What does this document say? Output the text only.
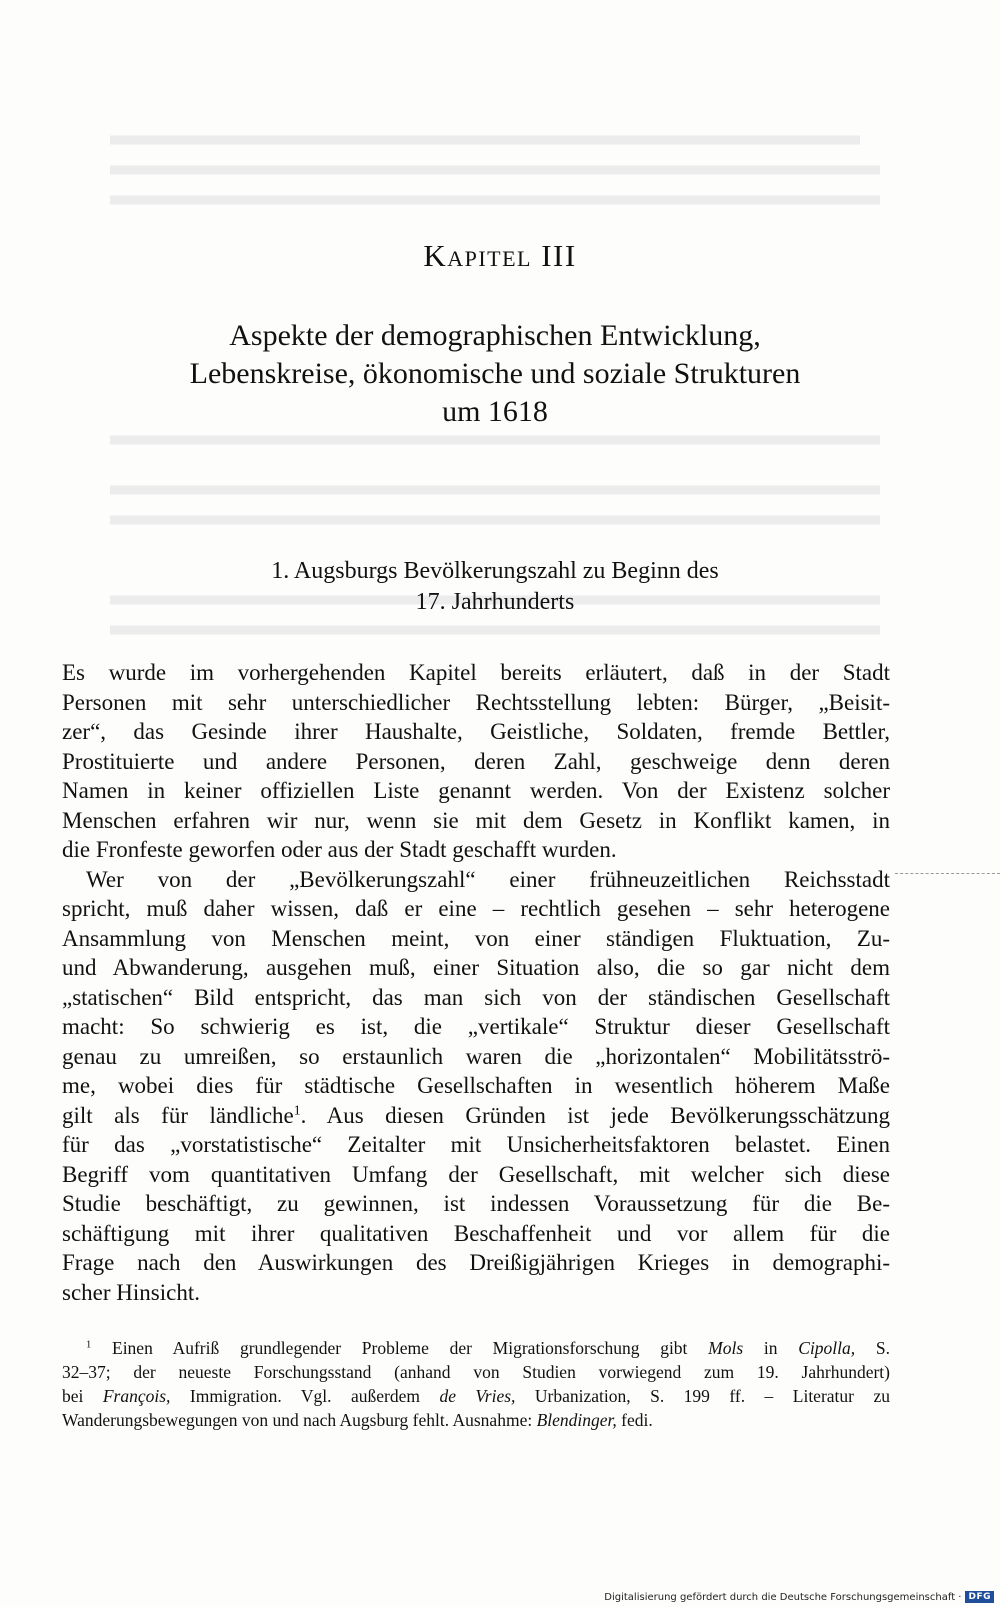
Kapitel III
Aspekte der demographischen Entwicklung,
Lebenskreise, ökonomische und soziale Strukturen
um 1618
1. Augsburgs Bevölkerungszahl zu Beginn des
17. Jahrhunderts
Es wurde im vorhergehenden Kapitel bereits erläutert, daß in der Stadt
Personen mit sehr unterschiedlicher Rechtsstellung lebten: Bürger, „Beisit-
zer“, das Gesinde ihrer Haushalte, Geistliche, Soldaten, fremde Bettler,
Prostituierte und andere Personen, deren Zahl, geschweige denn deren
Namen in keiner offiziellen Liste genannt werden. Von der Existenz solcher
Menschen erfahren wir nur, wenn sie mit dem Gesetz in Konflikt kamen, in
die Fronfeste geworfen oder aus der Stadt geschafft wurden.
Wer von der „Bevölkerungszahl“ einer frühneuzeitlichen Reichsstadt
spricht, muß daher wissen, daß er eine – rechtlich gesehen – sehr heterogene
Ansammlung von Menschen meint, von einer ständigen Fluktuation, Zu-
und Abwanderung, ausgehen muß, einer Situation also, die so gar nicht dem
„statischen“ Bild entspricht, das man sich von der ständischen Gesellschaft
macht: So schwierig es ist, die „vertikale“ Struktur dieser Gesellschaft
genau zu umreißen, so erstaunlich waren die „horizontalen“ Mobilitätsströ-
me, wobei dies für städtische Gesellschaften in wesentlich höherem Maße
gilt als für ländliche$^1$. Aus diesen Gründen ist jede Bevölkerungsschätzung
für das „vorstatistische“ Zeitalter mit Unsicherheitsfaktoren belastet. Einen
Begriff vom quantitativen Umfang der Gesellschaft, mit welcher sich diese
Studie beschäftigt, zu gewinnen, ist indessen Voraussetzung für die Be-
schäftigung mit ihrer qualitativen Beschaffenheit und vor allem für die
Frage nach den Auswirkungen des Dreißigjährigen Krieges in demographi-
scher Hinsicht.
$^1$ Einen Aufriß grundlegender Probleme der Migrationsforschung gibt Mols in Cipolla, S.
32–37; der neueste Forschungsstand (anhand von Studien vorwiegend zum 19. Jahrhundert)
bei François, Immigration. Vgl. außerdem de Vries, Urbanization, S. 199 ff. – Literatur zu
Wanderungsbewegungen von und nach Augsburg fehlt. Ausnahme: Blendinger, fedi.
Digitalisierung gefördert durch die Deutsche Forschungsgemeinschaft · DFG
